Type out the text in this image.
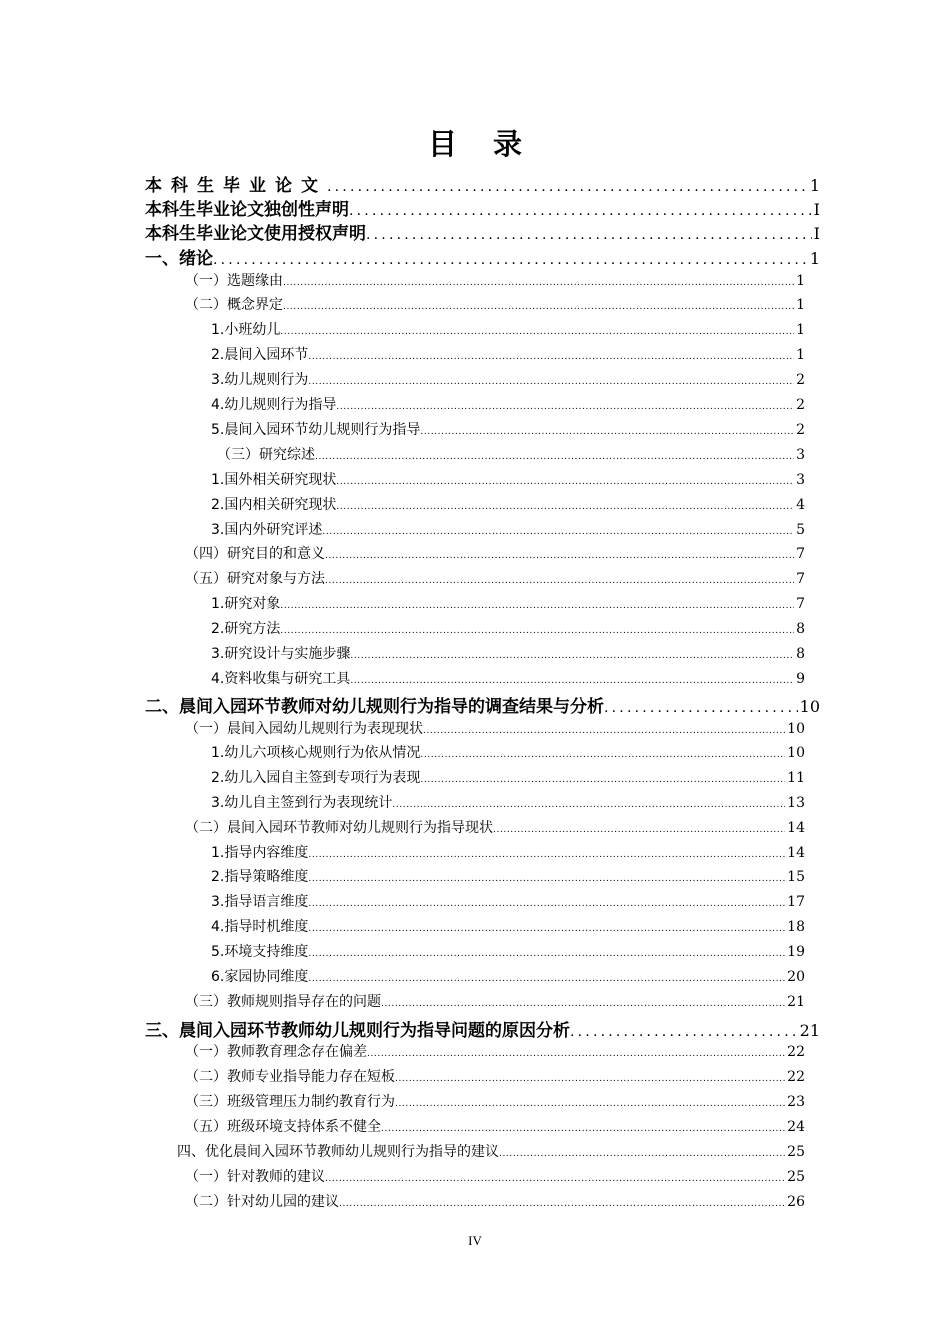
目录
本科生毕业论文 .....	1
本科生毕业论文独创性声明 .....	I
本科生毕业论文使用授权声明 .....	I
一、绪论 .....	1
（一）选题缘由 .....	1
（二）概念界定 .....	1
1.小班幼儿 .....	1
2.晨间入园环节 .....	1
3.幼儿规则行为 .....	2
4.幼儿规则行为指导 .....	2
5.晨间入园环节幼儿规则行为指导 .....	2
（三）研究综述 .....	3
1.国外相关研究现状 .....	3
2.国内相关研究现状 .....	4
3.国内外研究评述 .....	5
（四）研究目的和意义 .....	7
（五）研究对象与方法 .....	7
1.研究对象 .....	7
2.研究方法 .....	8
3.研究设计与实施步骤 .....	8
4.资料收集与研究工具 .....	9
二、晨间入园环节教师对幼儿规则行为指导的调查结果与分析 .....	10
（一）晨间入园幼儿规则行为表现现状 .....	10
1.幼儿六项核心规则行为依从情况 .....	10
2.幼儿入园自主签到专项行为表现 .....	11
3.幼儿自主签到行为表现统计 .....	13
（二）晨间入园环节教师对幼儿规则行为指导现状 .....	14
1.指导内容维度 .....	14
2.指导策略维度 .....	15
3.指导语言维度 .....	17
4.指导时机维度 .....	18
5.环境支持维度 .....	19
6.家园协同维度 .....	20
（三）教师规则指导存在的问题 .....	21
三、晨间入园环节教师幼儿规则行为指导问题的原因分析 .....	21
（一）教师教育理念存在偏差 .....	22
（二）教师专业指导能力存在短板 .....	22
（三）班级管理压力制约教育行为 .....	23
（五）班级环境支持体系不健全 .....	24
四、优化晨间入园环节教师幼儿规则行为指导的建议 .....	25
（一）针对教师的建议 .....	25
（二）针对幼儿园的建议 .....	26
IV
